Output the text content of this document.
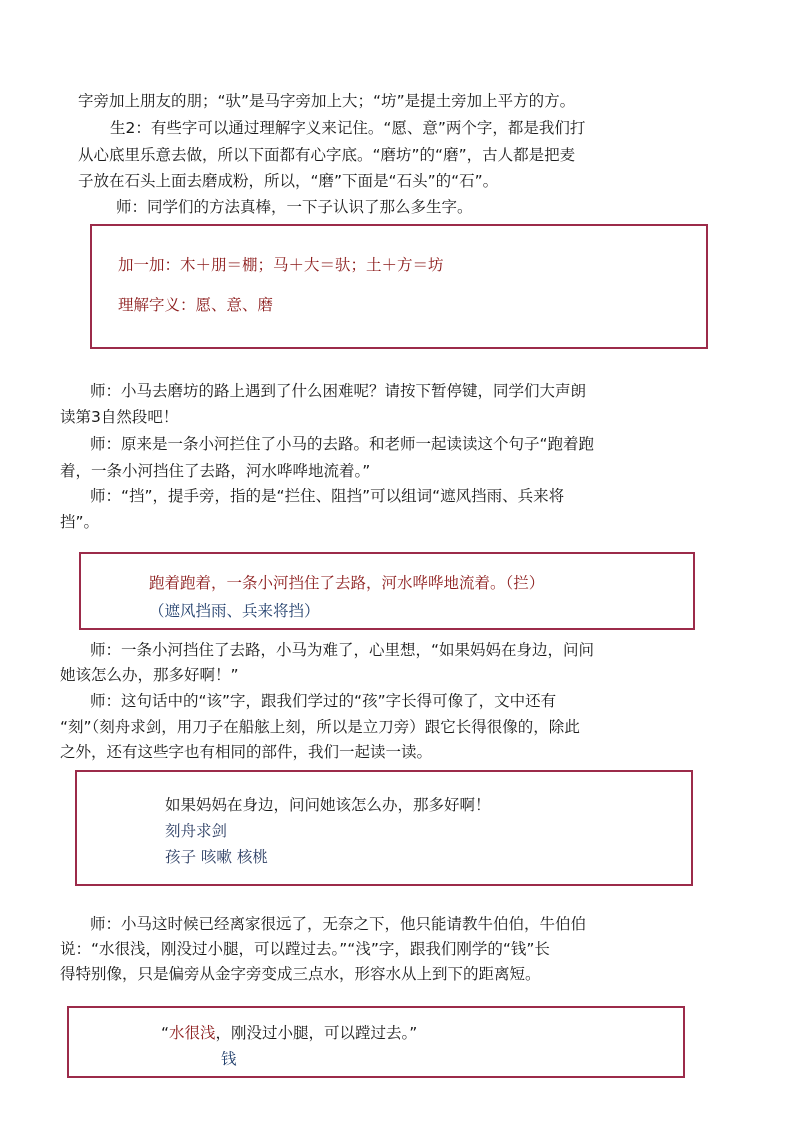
字旁加上朋友的朋；“驮”是马字旁加上大；“坊”是提土旁加上平方的方。
生2：有些字可以通过理解字义来记住。“愿、意”两个字，都是我们打
从心底里乐意去做，所以下面都有心字底。“磨坊”的“磨”，古人都是把麦
子放在石头上面去磨成粉，所以，“磨”下面是“石头”的“石”。
师：同学们的方法真棒，一下子认识了那么多生字。
加一加：木＋朋＝棚；马＋大＝驮；土＋方＝坊
理解字义：愿、意、磨
师：小马去磨坊的路上遇到了什么困难呢？请按下暂停键，同学们大声朗
读第3自然段吧！
师：原来是一条小河拦住了小马的去路。和老师一起读读这个句子“跑着跑
着，一条小河挡住了去路，河水哗哗地流着。”
师：“挡”，提手旁，指的是“拦住、阻挡”可以组词“遮风挡雨、兵来将
挡”。
跑着跑着，一条小河挡住了去路，河水哗哗地流着。（拦）
（遮风挡雨、兵来将挡）
师：一条小河挡住了去路，小马为难了，心里想，“如果妈妈在身边，问问
她该怎么办，那多好啊！”
师：这句话中的“该”字，跟我们学过的“孩”字长得可像了，文中还有
“刻”（刻舟求剑，用刀子在船舷上刻，所以是立刀旁）跟它长得很像的，除此
之外，还有这些字也有相同的部件，我们一起读一读。
如果妈妈在身边，问问她该怎么办，那多好啊！
刻舟求剑
孩子 咳嗽 核桃
师：小马这时候已经离家很远了，无奈之下，他只能请教牛伯伯，牛伯伯
说：“水很浅，刚没过小腿，可以蹚过去。”“浅”字，跟我们刚学的“钱”长
得特别像，只是偏旁从金字旁变成三点水，形容水从上到下的距离短。
“水很浅，刚没过小腿，可以蹚过去。”
钱
